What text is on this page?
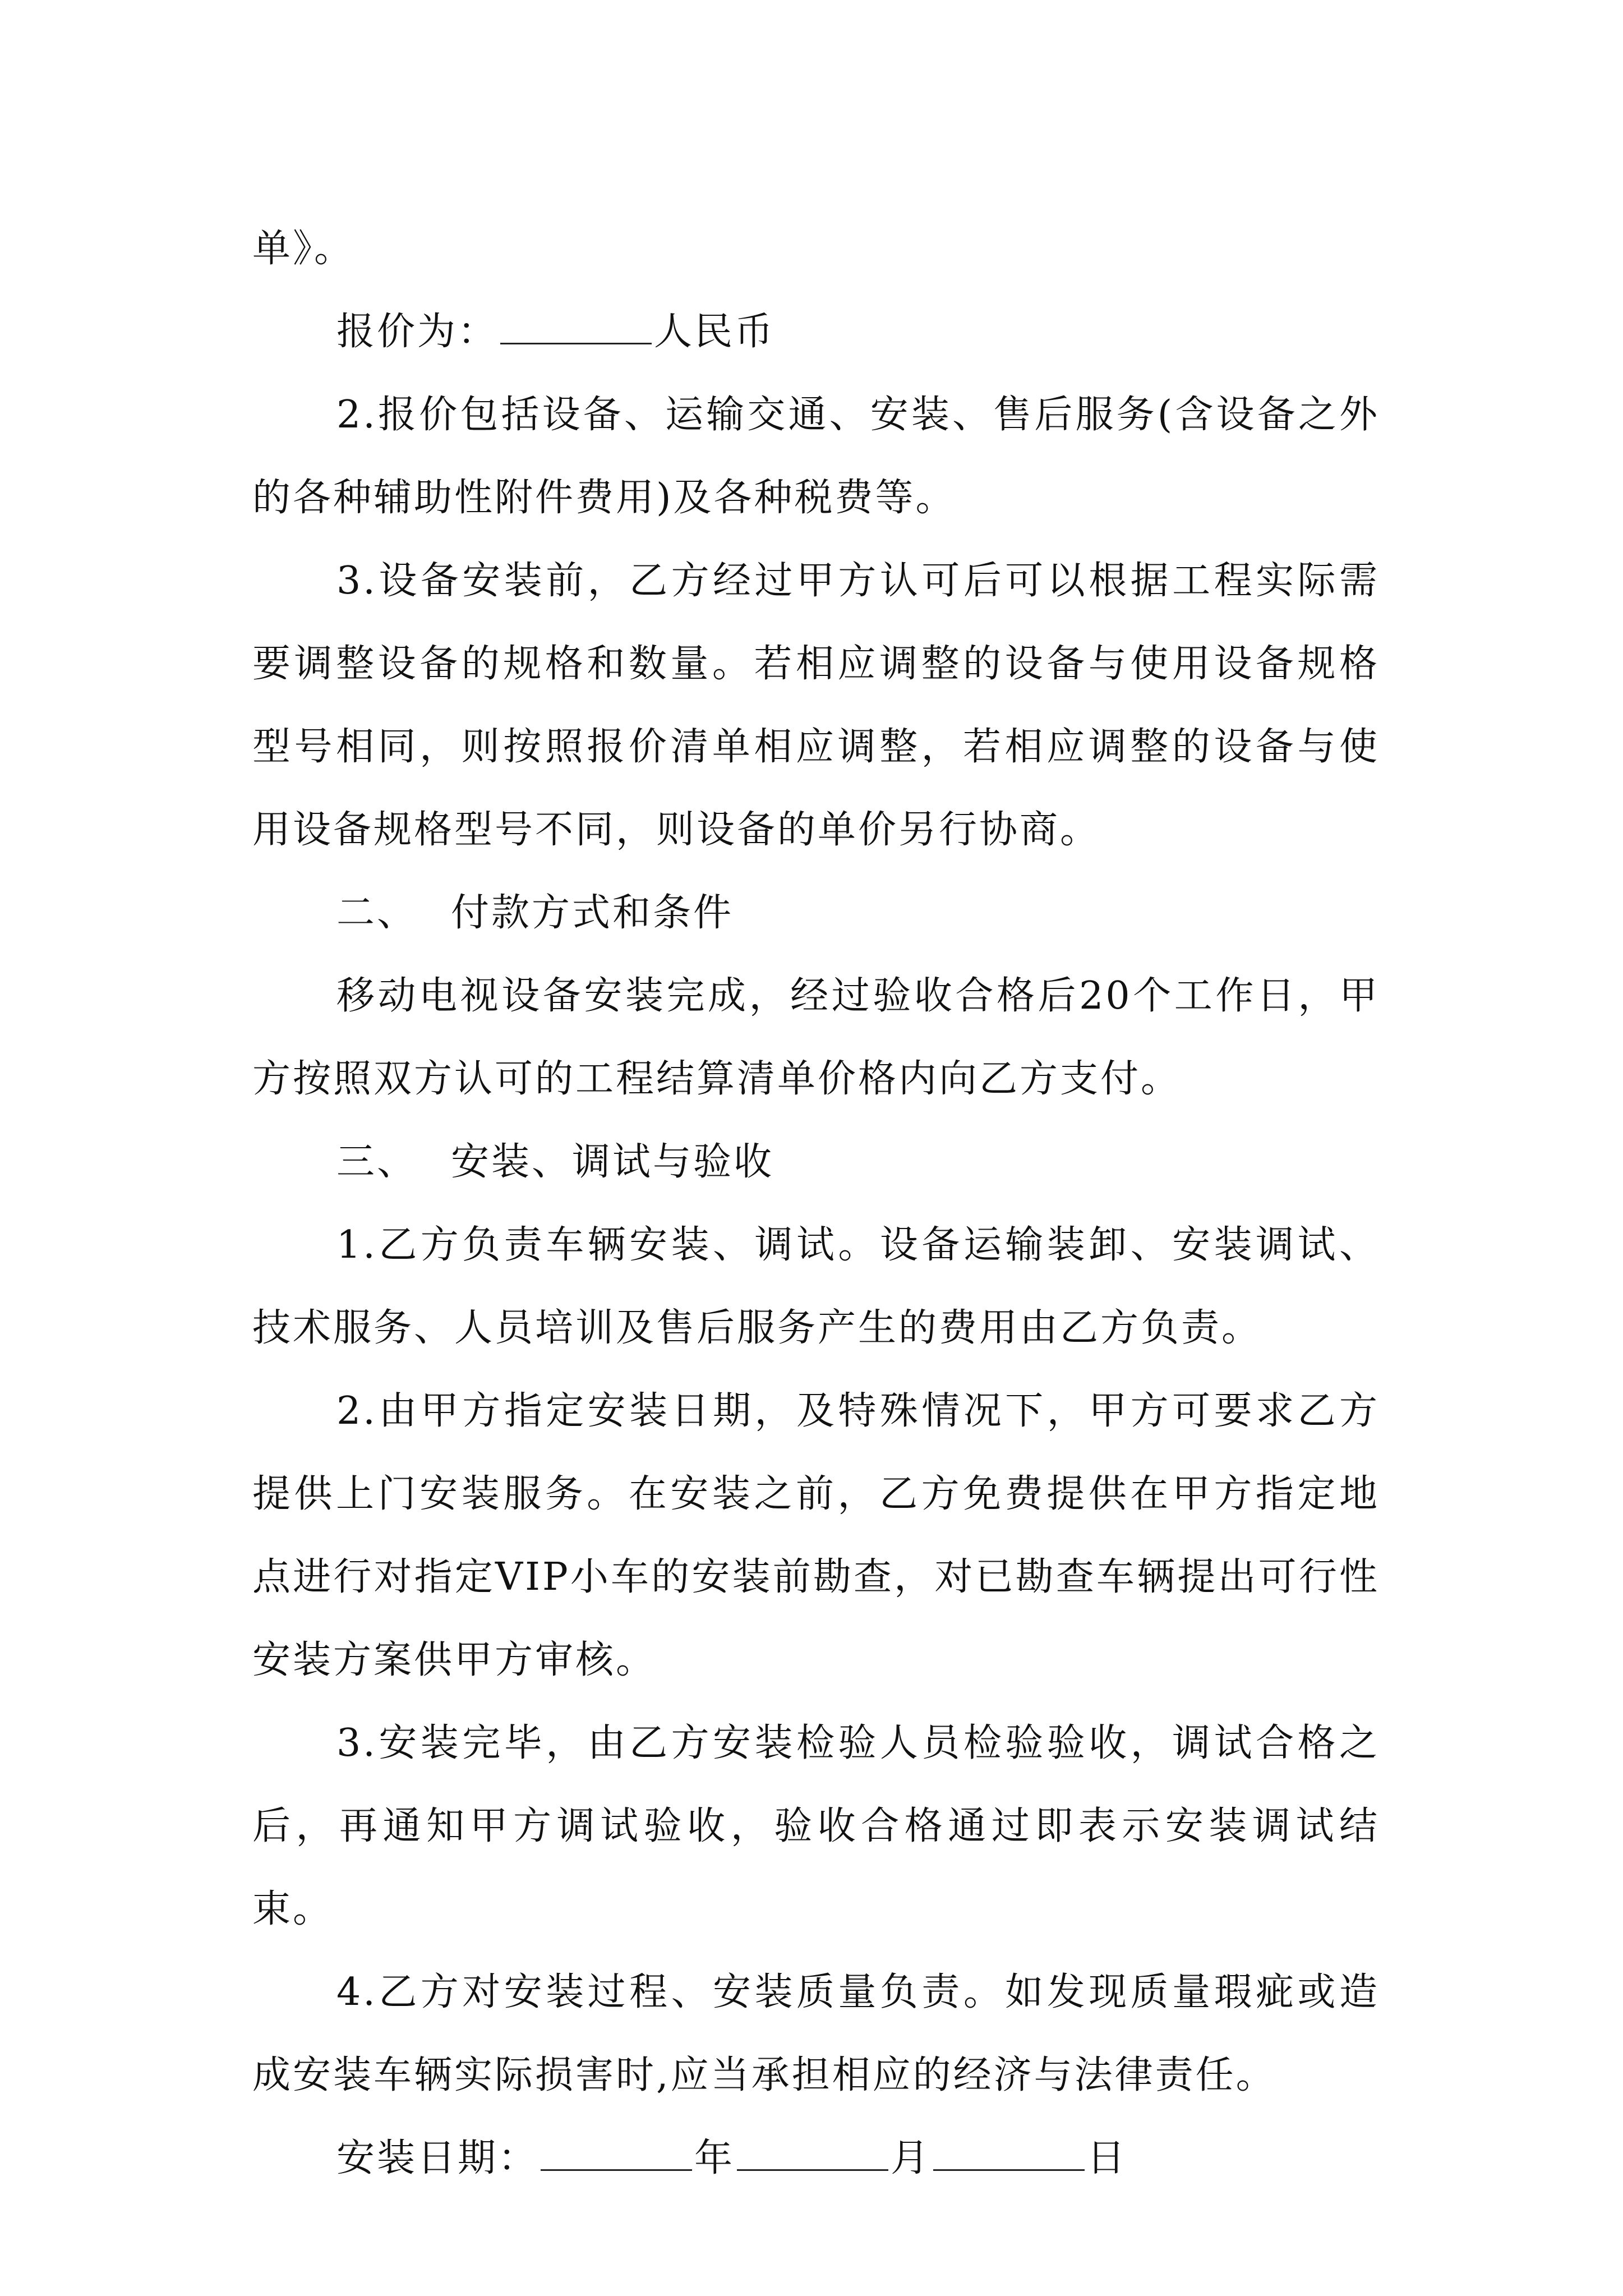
单》。

报价为：	人民币

2.报价包括设备、运输交通、安装、售后服务(含设备之外的各种辅助性附件费用)及各种税费等。

3.设备安装前，乙方经过甲方认可后可以根据工程实际需要调整设备的规格和数量。若相应调整的设备与使用设备规格型号相同，则按照报价清单相应调整，若相应调整的设备与使用设备规格型号不同，则设备的单价另行协商。

二、 付款方式和条件

移动电视设备安装完成，经过验收合格后20个工作日，甲方按照双方认可的工程结算清单价格内向乙方支付。

三、 安装、调试与验收

1.乙方负责车辆安装、调试。设备运输装卸、安装调试、技术服务、人员培训及售后服务产生的费用由乙方负责。

2.由甲方指定安装日期，及特殊情况下，甲方可要求乙方提供上门安装服务。在安装之前，乙方免费提供在甲方指定地点进行对指定VIP小车的安装前勘查，对已勘查车辆提出可行性安装方案供甲方审核。

3.安装完毕，由乙方安装检验人员检验验收，调试合格之后，再通知甲方调试验收，验收合格通过即表示安装调试结束。

4.乙方对安装过程、安装质量负责。如发现质量瑕疵或造成安装车辆实际损害时,应当承担相应的经济与法律责任。

安装日期：	年	月	日
